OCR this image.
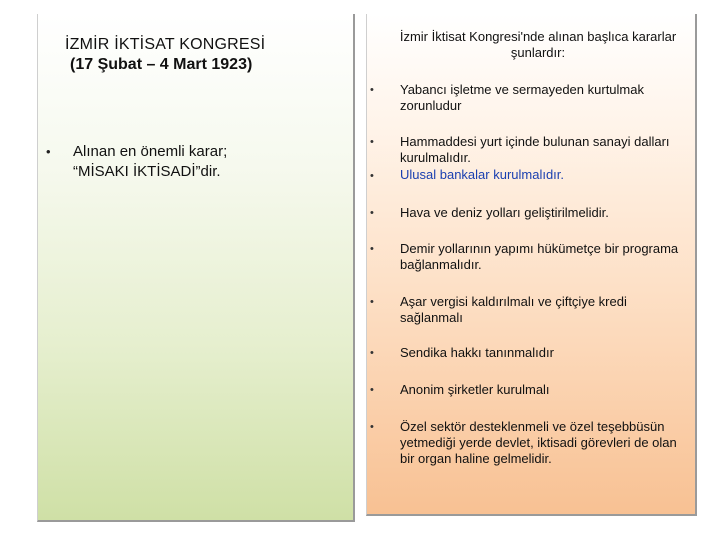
İZMİR İKTİSAT KONGRESİ
(17 Şubat – 4 Mart 1923)
• Alınan en önemli karar;
“MİSAKI İKTİSADİ”dir.
İzmir İktisat Kongresi'nde alınan başlıca kararlar şunlardır:
• Yabancı işletme ve sermayeden kurtulmak zorunludur
• Hammaddesi yurt içinde bulunan sanayi dalları kurulmalıdır.
• Ulusal bankalar kurulmalıdır.
• Hava ve deniz yolları geliştirilmelidir.
• Demir yollarının yapımı hükümetçe bir programa bağlanmalıdır.
• Aşar vergisi kaldırılmalı ve çiftçiye kredi sağlanmalı
• Sendika hakkı tanınmalıdır
• Anonim şirketler kurulmalı
• Özel sektör desteklenmeli ve özel teşebbüsün yetmediği yerde devlet, iktisadi görevleri de olan bir organ haline gelmelidir.
